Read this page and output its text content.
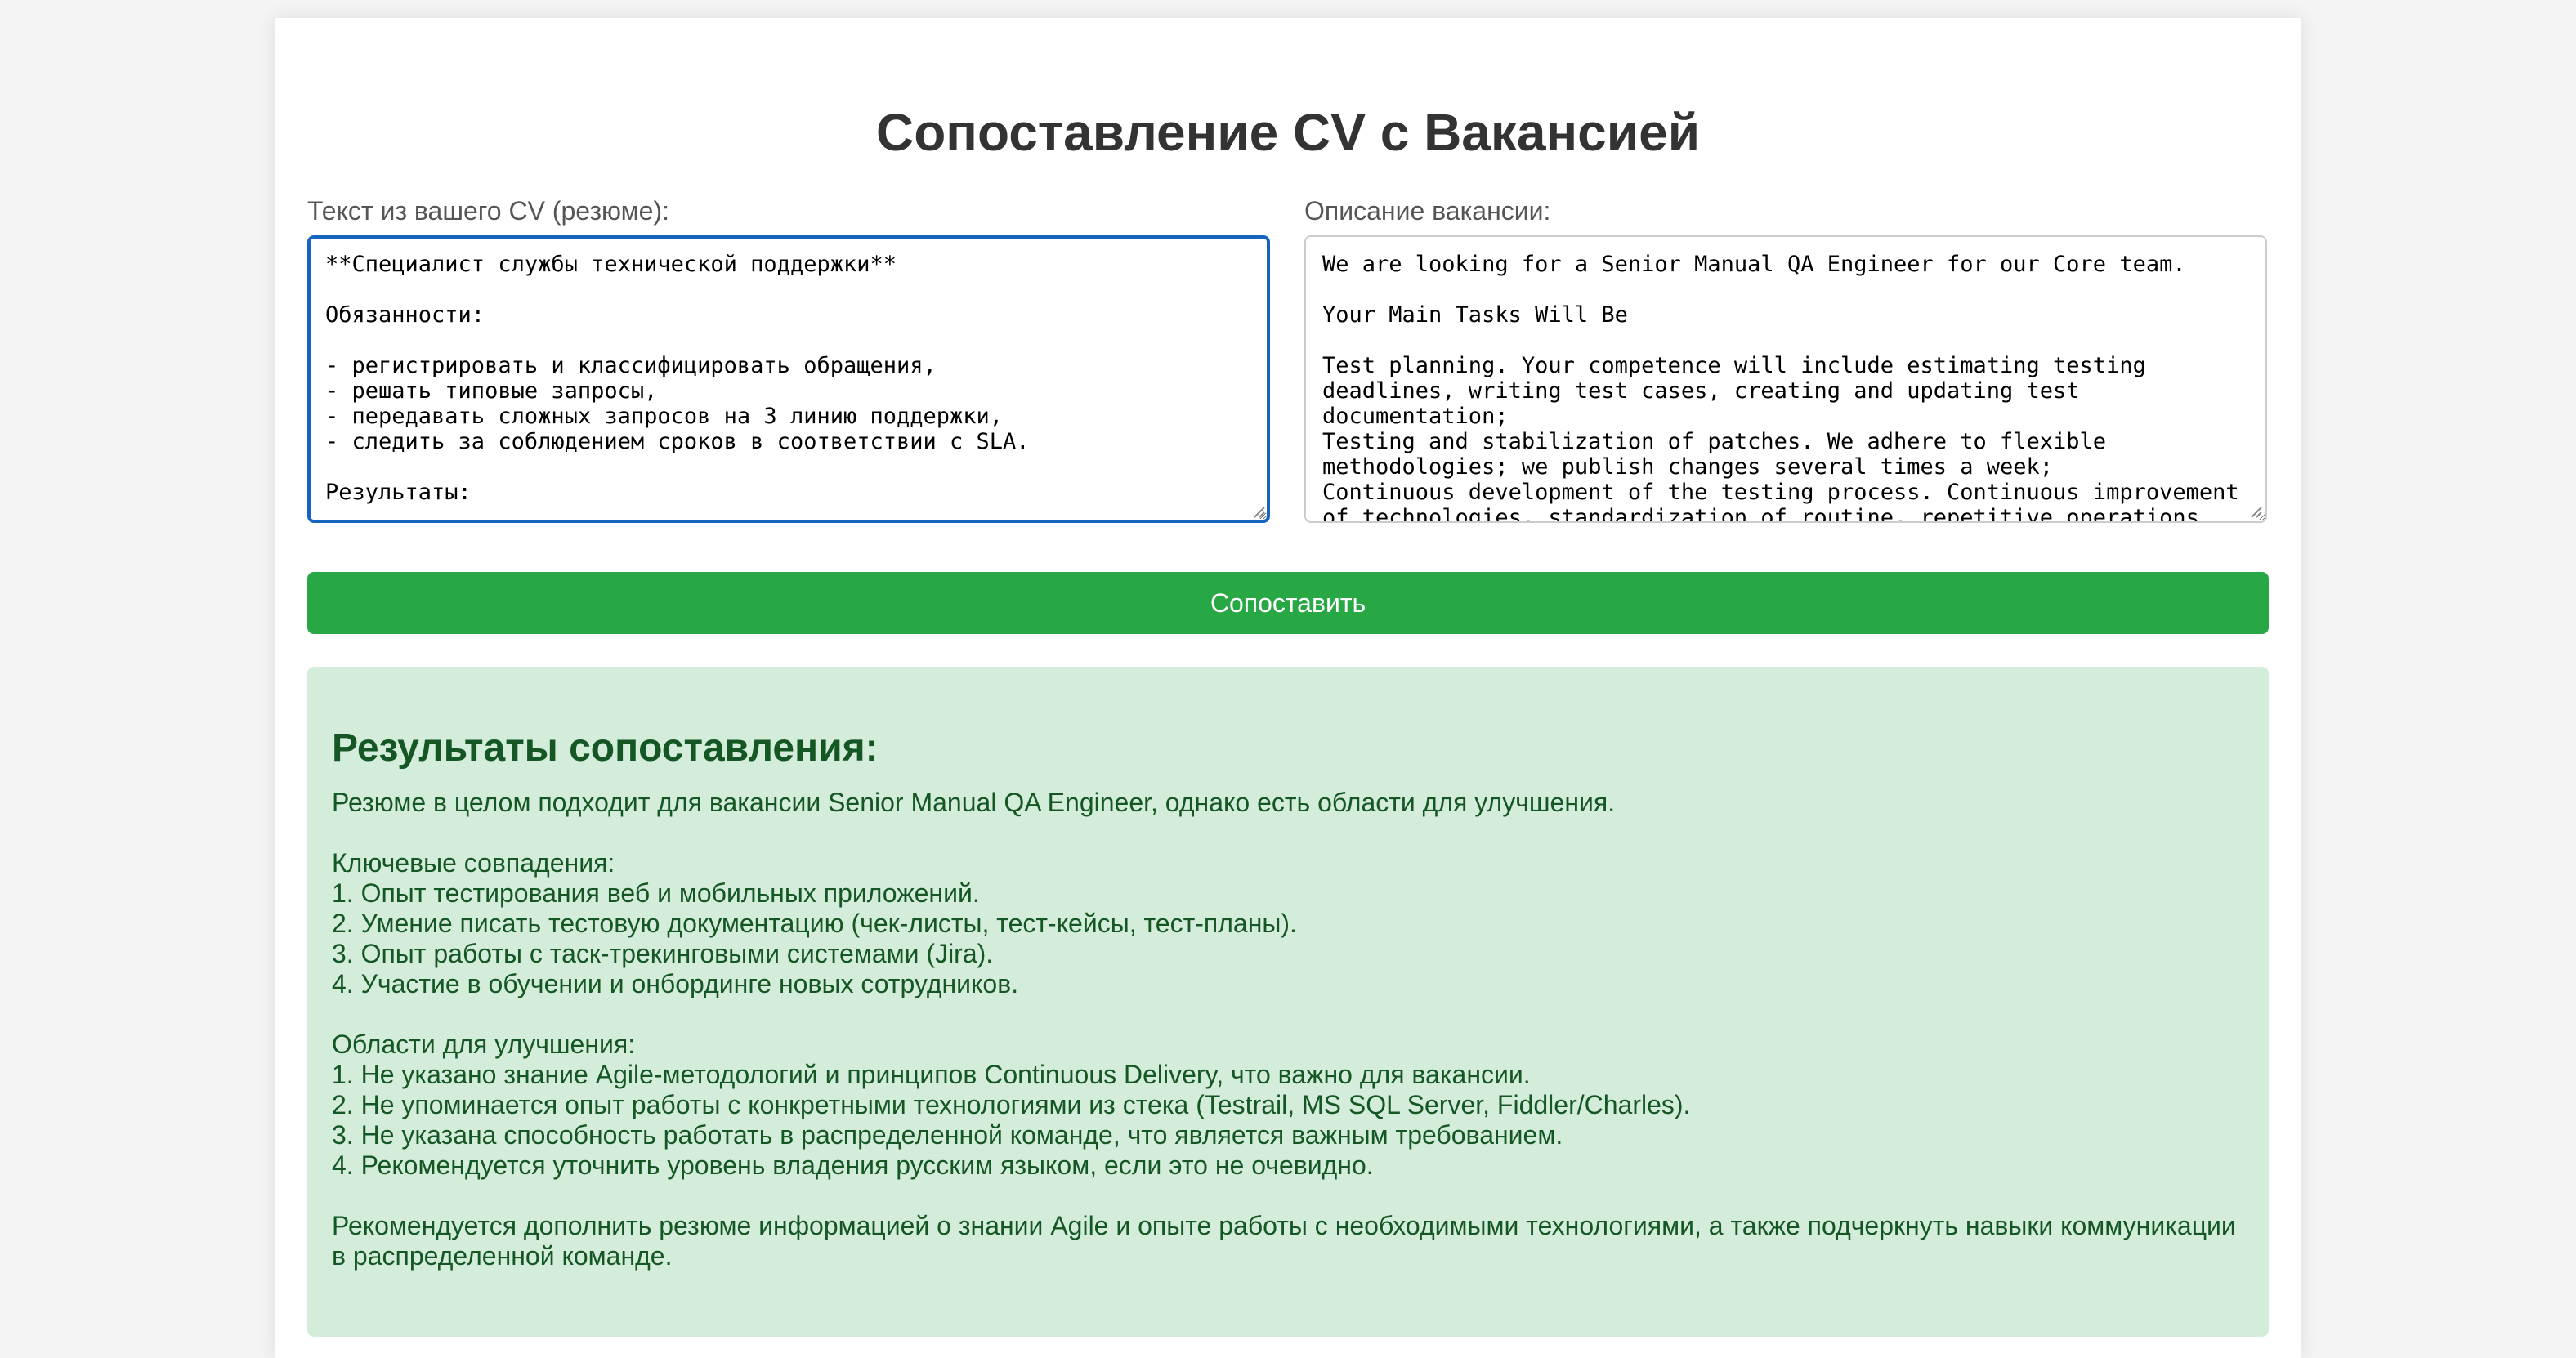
Сопоставление CV с Вакансией
Текст из вашего CV (резюме):
**Специалист службы технической поддержки** Обязанности: - регистрировать и классифицировать обращения, - решать типовые запросы, - передавать сложных запросов на 3 линию поддержки, - следить за соблюдением сроков в соответствии с SLA. Результаты:	Описание вакансии:
We are looking for a Senior Manual QA Engineer for our Core team. Your Main Tasks Will Be Test planning. Your competence will include estimating testing deadlines, writing test cases, creating and updating test documentation; Testing and stabilization of patches. We adhere to flexible methodologies; we publish changes several times a week; Continuous development of the testing process. Continuous improvement of technologies, standardization of routine, repetitive operations
Сопоставить
Результаты сопоставления:

Резюме в целом подходит для вакансии Senior Manual QA Engineer, однако есть области для улучшения.

Ключевые совпадения:

1. Опыт тестирования веб и мобильных приложений.

2. Умение писать тестовую документацию (чек-листы, тест-кейсы, тест-планы).

3. Опыт работы с таск-трекинговыми системами (Jira).

4. Участие в обучении и онбординге новых сотрудников.

Области для улучшения:

1. Не указано знание Agile-методологий и принципов Continuous Delivery, что важно для вакансии.

2. Не упоминается опыт работы с конкретными технологиями из стека (Testrail, MS SQL Server, Fiddler/Charles).

3. Не указана способность работать в распределенной команде, что является важным требованием.

4. Рекомендуется уточнить уровень владения русским языком, если это не очевидно.

Рекомендуется дополнить резюме информацией о знании Agile и опыте работы с необходимыми технологиями, а также подчеркнуть навыки коммуникации в распределенной команде.
